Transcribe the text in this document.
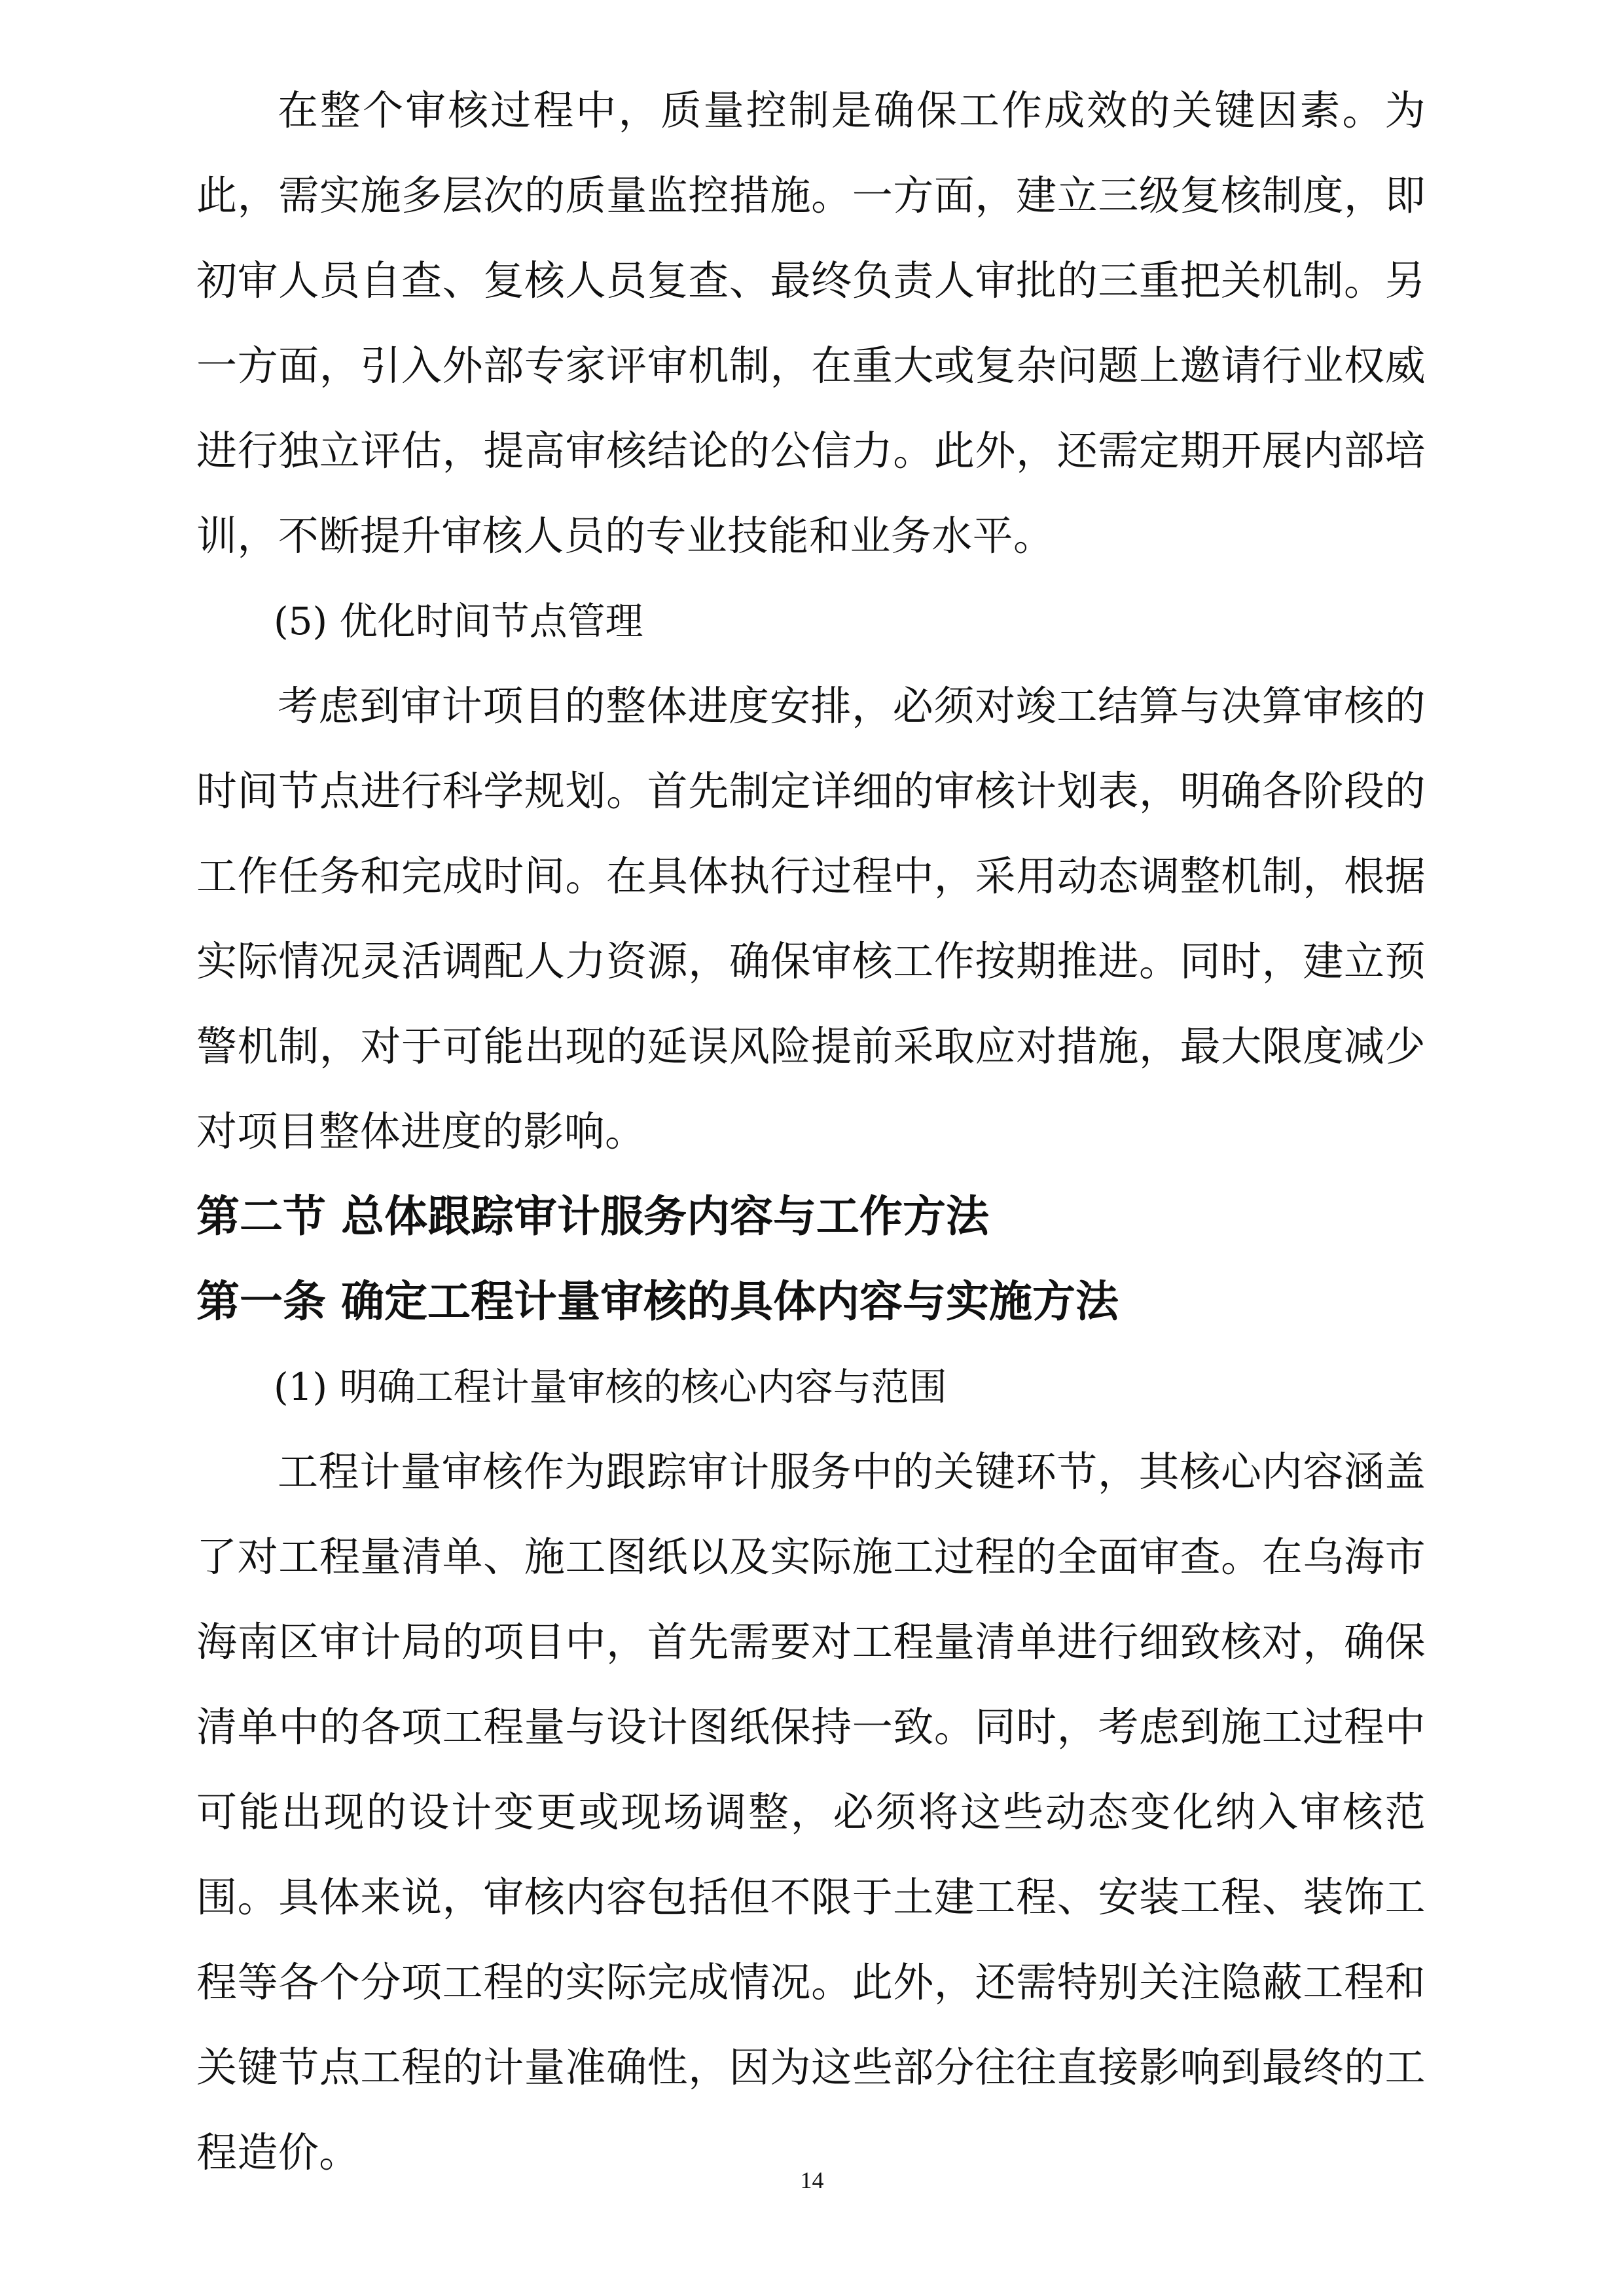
在整个审核过程中，质量控制是确保工作成效的关键因素。为此，需实施多层次的质量监控措施。一方面，建立三级复核制度，即初审人员自查、复核人员复查、最终负责人审批的三重把关机制。另一方面，引入外部专家评审机制，在重大或复杂问题上邀请行业权威进行独立评估，提高审核结论的公信力。此外，还需定期开展内部培训，不断提升审核人员的专业技能和业务水平。

(5) 优化时间节点管理

考虑到审计项目的整体进度安排，必须对竣工结算与决算审核的时间节点进行科学规划。首先制定详细的审核计划表，明确各阶段的工作任务和完成时间。在具体执行过程中，采用动态调整机制，根据实际情况灵活调配人力资源，确保审核工作按期推进。同时，建立预警机制，对于可能出现的延误风险提前采取应对措施，最大限度减少对项目整体进度的影响。

第二节 总体跟踪审计服务内容与工作方法

第一条 确定工程计量审核的具体内容与实施方法

(1) 明确工程计量审核的核心内容与范围

工程计量审核作为跟踪审计服务中的关键环节，其核心内容涵盖了对工程量清单、施工图纸以及实际施工过程的全面审查。在乌海市海南区审计局的项目中，首先需要对工程量清单进行细致核对，确保清单中的各项工程量与设计图纸保持一致。同时，考虑到施工过程中可能出现的设计变更或现场调整，必须将这些动态变化纳入审核范围。具体来说，审核内容包括但不限于土建工程、安装工程、装饰工程等各个分项工程的实际完成情况。此外，还需特别关注隐蔽工程和关键节点工程的计量准确性，因为这些部分往往直接影响到最终的工程造价。

14
